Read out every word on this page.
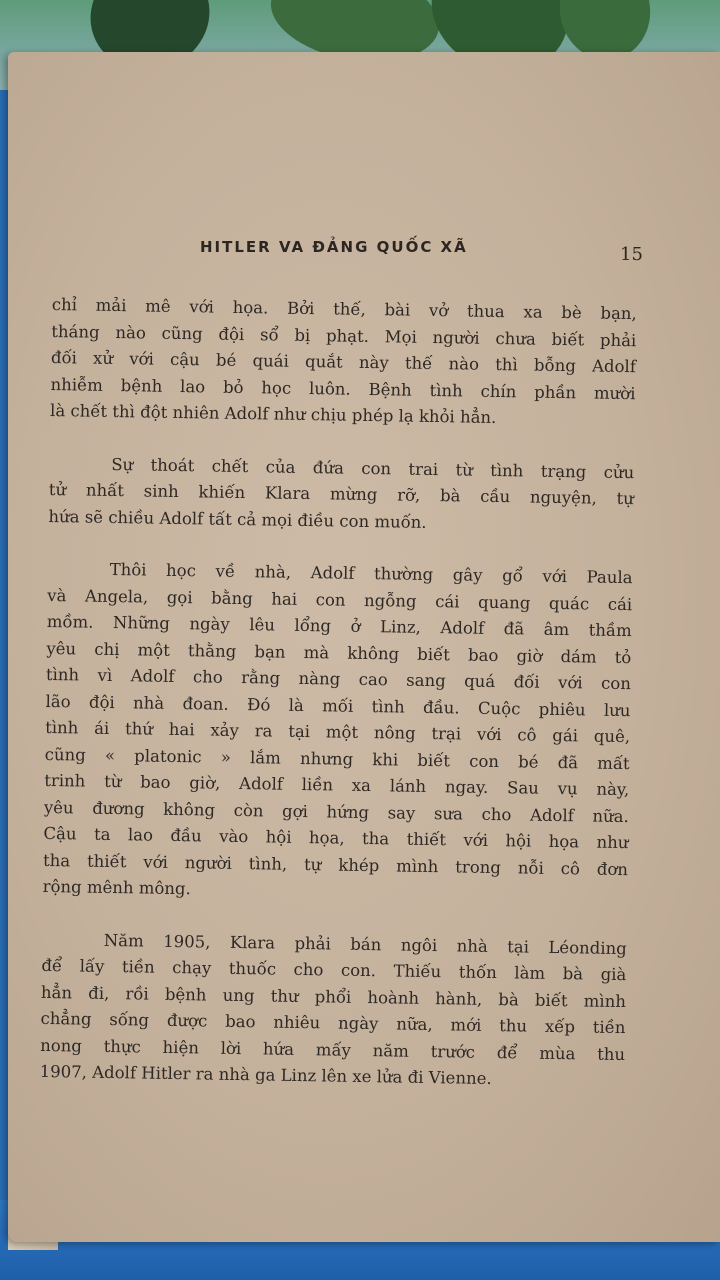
HITLER VA ĐẢNG QUỐC XÃ	15
chỉ mải mê với họa. Bởi thế, bài vở thua xa bè bạn,
tháng nào cũng đội sổ bị phạt. Mọi người chưa biết phải
đối xử với cậu bé quái quắt này thế nào thì bỗng Adolf
nhiễm bệnh lao bỏ học luôn. Bệnh tình chín phần mười
là chết thì đột nhiên Adolf như chịu phép lạ khỏi hẳn.
Sự thoát chết của đứa con trai từ tình trạng cửu
tử nhất sinh khiến Klara mừng rỡ, bà cầu nguyện, tự
hứa sẽ chiều Adolf tất cả mọi điều con muốn.
Thôi học về nhà, Adolf thường gây gổ với Paula
và Angela, gọi bằng hai con ngỗng cái quang quác cái
mồm. Những ngày lêu lổng ở Linz, Adolf đã âm thầm
yêu chị một thằng bạn mà không biết bao giờ dám tỏ
tình vì Adolf cho rằng nàng cao sang quá đối với con
lão đội nhà đoan. Đó là mối tình đầu. Cuộc phiêu lưu
tình ái thứ hai xảy ra tại một nông trại với cô gái quê,
cũng « platonic » lắm nhưng khi biết con bé đã mất
trinh từ bao giờ, Adolf liền xa lánh ngay. Sau vụ này,
yêu đương không còn gợi hứng say sưa cho Adolf nữa.
Cậu ta lao đầu vào hội họa, tha thiết với hội họa như
tha thiết với người tình, tự khép mình trong nỗi cô đơn
rộng mênh mông.
Năm 1905, Klara phải bán ngôi nhà tại Léonding
để lấy tiền chạy thuốc cho con. Thiếu thốn làm bà già
hẳn đi, rồi bệnh ung thư phổi hoành hành, bà biết mình
chẳng sống được bao nhiêu ngày nữa, mới thu xếp tiền
nong thực hiện lời hứa mấy năm trước để mùa thu
1907, Adolf Hitler ra nhà ga Linz lên xe lửa đi Vienne.
